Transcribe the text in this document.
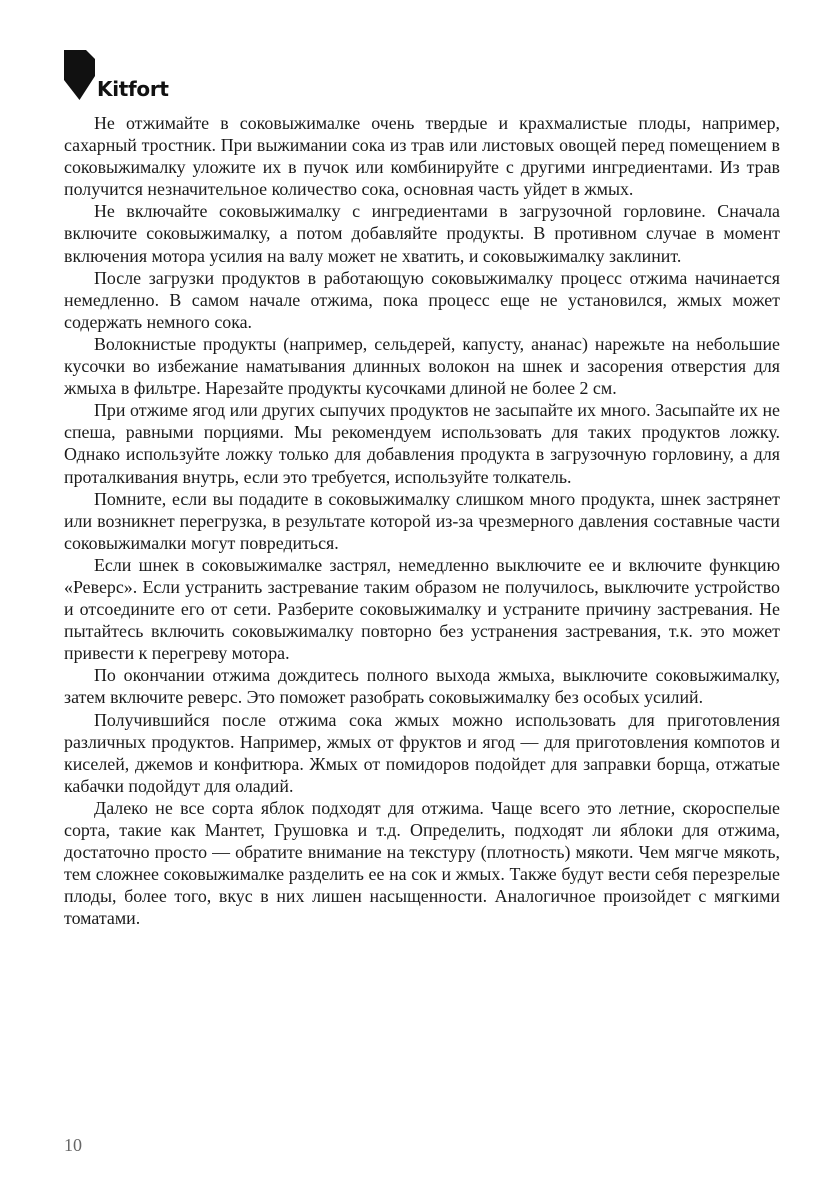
Kitfort

Не отжимайте в соковыжималке очень твердые и крахмалистые плоды, например, сахарный тростник. При выжимании сока из трав или листовых овощей перед помещением в соковыжималку уложите их в пучок или комбинируйте с другими ингредиентами. Из трав получится незначительное количество сока, основная часть уйдет в жмых.

Не включайте соковыжималку с ингредиентами в загрузочной горловине. Сначала включите соковыжималку, а потом добавляйте продукты. В противном случае в момент включения мотора усилия на валу может не хватить, и соковыжималку заклинит.

После загрузки продуктов в работающую соковыжималку процесс отжима начинается немедленно. В самом начале отжима, пока процесс еще не установился, жмых может содержать немного сока.

Волокнистые продукты (например, сельдерей, капусту, ананас) нарежьте на небольшие кусочки во избежание наматывания длинных волокон на шнек и засорения отверстия для жмыха в фильтре. Нарезайте продукты кусочками длиной не более 2 см.

При отжиме ягод или других сыпучих продуктов не засыпайте их много. Засыпайте их не спеша, равными порциями. Мы рекомендуем использовать для таких продуктов ложку. Однако используйте ложку только для добавления продукта в загрузочную горловину, а для проталкивания внутрь, если это требуется, используйте толкатель.

Помните, если вы подадите в соковыжималку слишком много продукта, шнек застрянет или возникнет перегрузка, в результате которой из-за чрезмерного давления составные части соковыжималки могут повредиться.

Если шнек в соковыжималке застрял, немедленно выключите ее и включите функцию «Реверс». Если устранить застревание таким образом не получилось, выключите устройство и отсоедините его от сети. Разберите соковыжималку и устраните причину застревания. Не пытайтесь включить соковыжималку повторно без устранения застревания, т.к. это может привести к перегреву мотора.

По окончании отжима дождитесь полного выхода жмыха, выключите соковыжималку, затем включите реверс. Это поможет разобрать соковыжималку без особых усилий.

Получившийся после отжима сока жмых можно использовать для приготовления различных продуктов. Например, жмых от фруктов и ягод — для приготовления компотов и киселей, джемов и конфитюра. Жмых от помидоров подойдет для заправки борща, отжатые кабачки подойдут для оладий.

Далеко не все сорта яблок подходят для отжима. Чаще всего это летние, скороспелые сорта, такие как Мантет, Грушовка и т.д. Определить, подходят ли яблоки для отжима, достаточно просто — обратите внимание на текстуру (плотность) мякоти. Чем мягче мякоть, тем сложнее соковыжималке разделить ее на сок и жмых. Также будут вести себя перезрелые плоды, более того, вкус в них лишен насыщенности. Аналогичное произойдет с мягкими томатами.

10
